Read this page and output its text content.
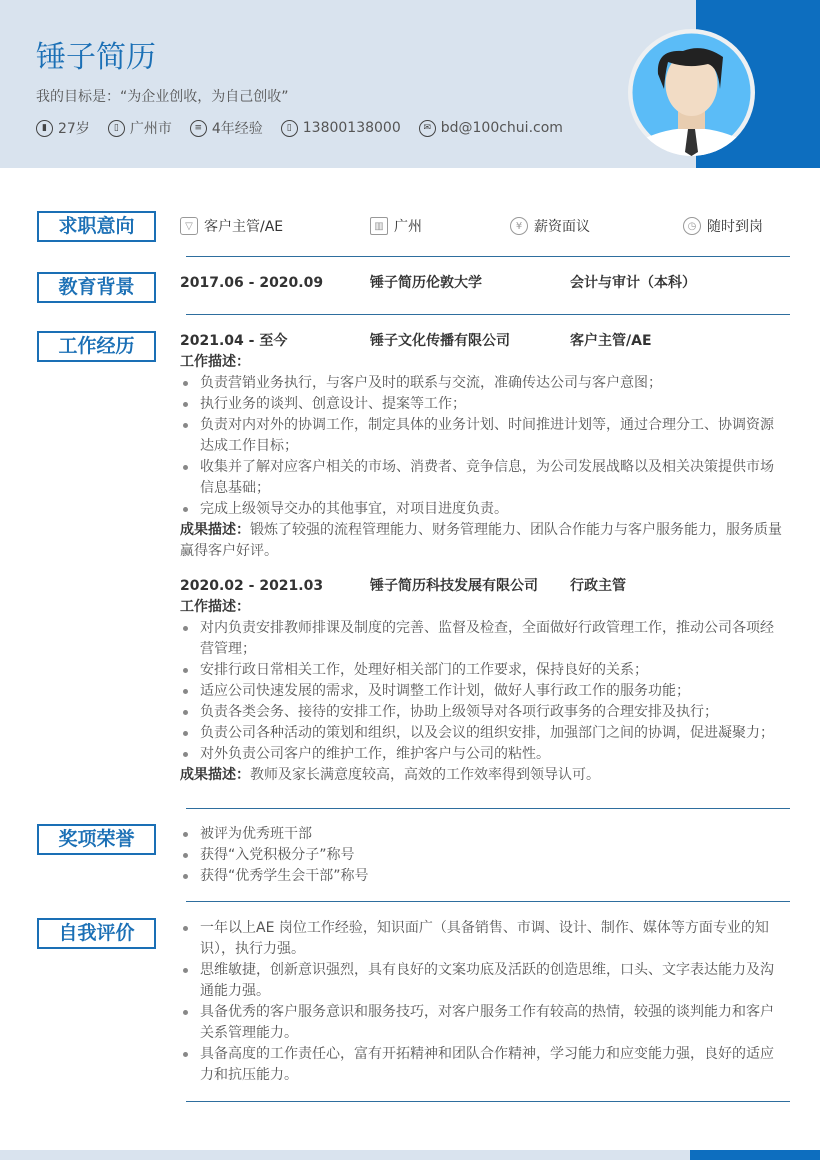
锤子简历
我的目标是：“为企业创收，为自己创收”
▮ 27岁	▯ 广州市	≡ 4年经验	▯ 13800138000	✉ bd@100chui.com
求职意向	▽ 客户主管/AE	▥ 广州	¥ 薪资面议	◷ 随时到岗
教育背景	2017.06 - 2020.09	锤子简历伦敦大学	会计与审计（本科）
工作经历	2021.04 - 至今	锤子文化传播有限公司	客户主管/AE
工作描述：
负责营销业务执行，与客户及时的联系与交流，准确传达公司与客户意图；
执行业务的谈判、创意设计、提案等工作；
负责对内对外的协调工作，制定具体的业务计划、时间推进计划等，通过合理分工、协调资源达成工作目标；
收集并了解对应客户相关的市场、消费者、竞争信息，为公司发展战略以及相关决策提供市场信息基础；
完成上级领导交办的其他事宜，对项目进度负责。
成果描述：锻炼了较强的流程管理能力、财务管理能力、团队合作能力与客户服务能力，服务质量赢得客户好评。
2020.02 - 2021.03	锤子简历科技发展有限公司	行政主管
工作描述：
对内负责安排教师排课及制度的完善、监督及检查，全面做好行政管理工作，推动公司各项经营管理；
安排行政日常相关工作，处理好相关部门的工作要求，保持良好的关系；
适应公司快速发展的需求，及时调整工作计划，做好人事行政工作的服务功能；
负责各类会务、接待的安排工作，协助上级领导对各项行政事务的合理安排及执行；
负责公司各种活动的策划和组织，以及会议的组织安排，加强部门之间的协调，促进凝聚力；
对外负责公司客户的维护工作，维护客户与公司的粘性。
成果描述：教师及家长满意度较高，高效的工作效率得到领导认可。
奖项荣誉	被评为优秀班干部
获得“入党积极分子”称号
获得“优秀学生会干部”称号
自我评价	一年以上AE 岗位工作经验，知识面广（具备销售、市调、设计、制作、媒体等方面专业的知识），执行力强。
思维敏捷，创新意识强烈，具有良好的文案功底及活跃的创造思维，口头、文字表达能力及沟通能力强。
具备优秀的客户服务意识和服务技巧，对客户服务工作有较高的热情，较强的谈判能力和客户关系管理能力。
具备高度的工作责任心，富有开拓精神和团队合作精神，学习能力和应变能力强，良好的适应力和抗压能力。
